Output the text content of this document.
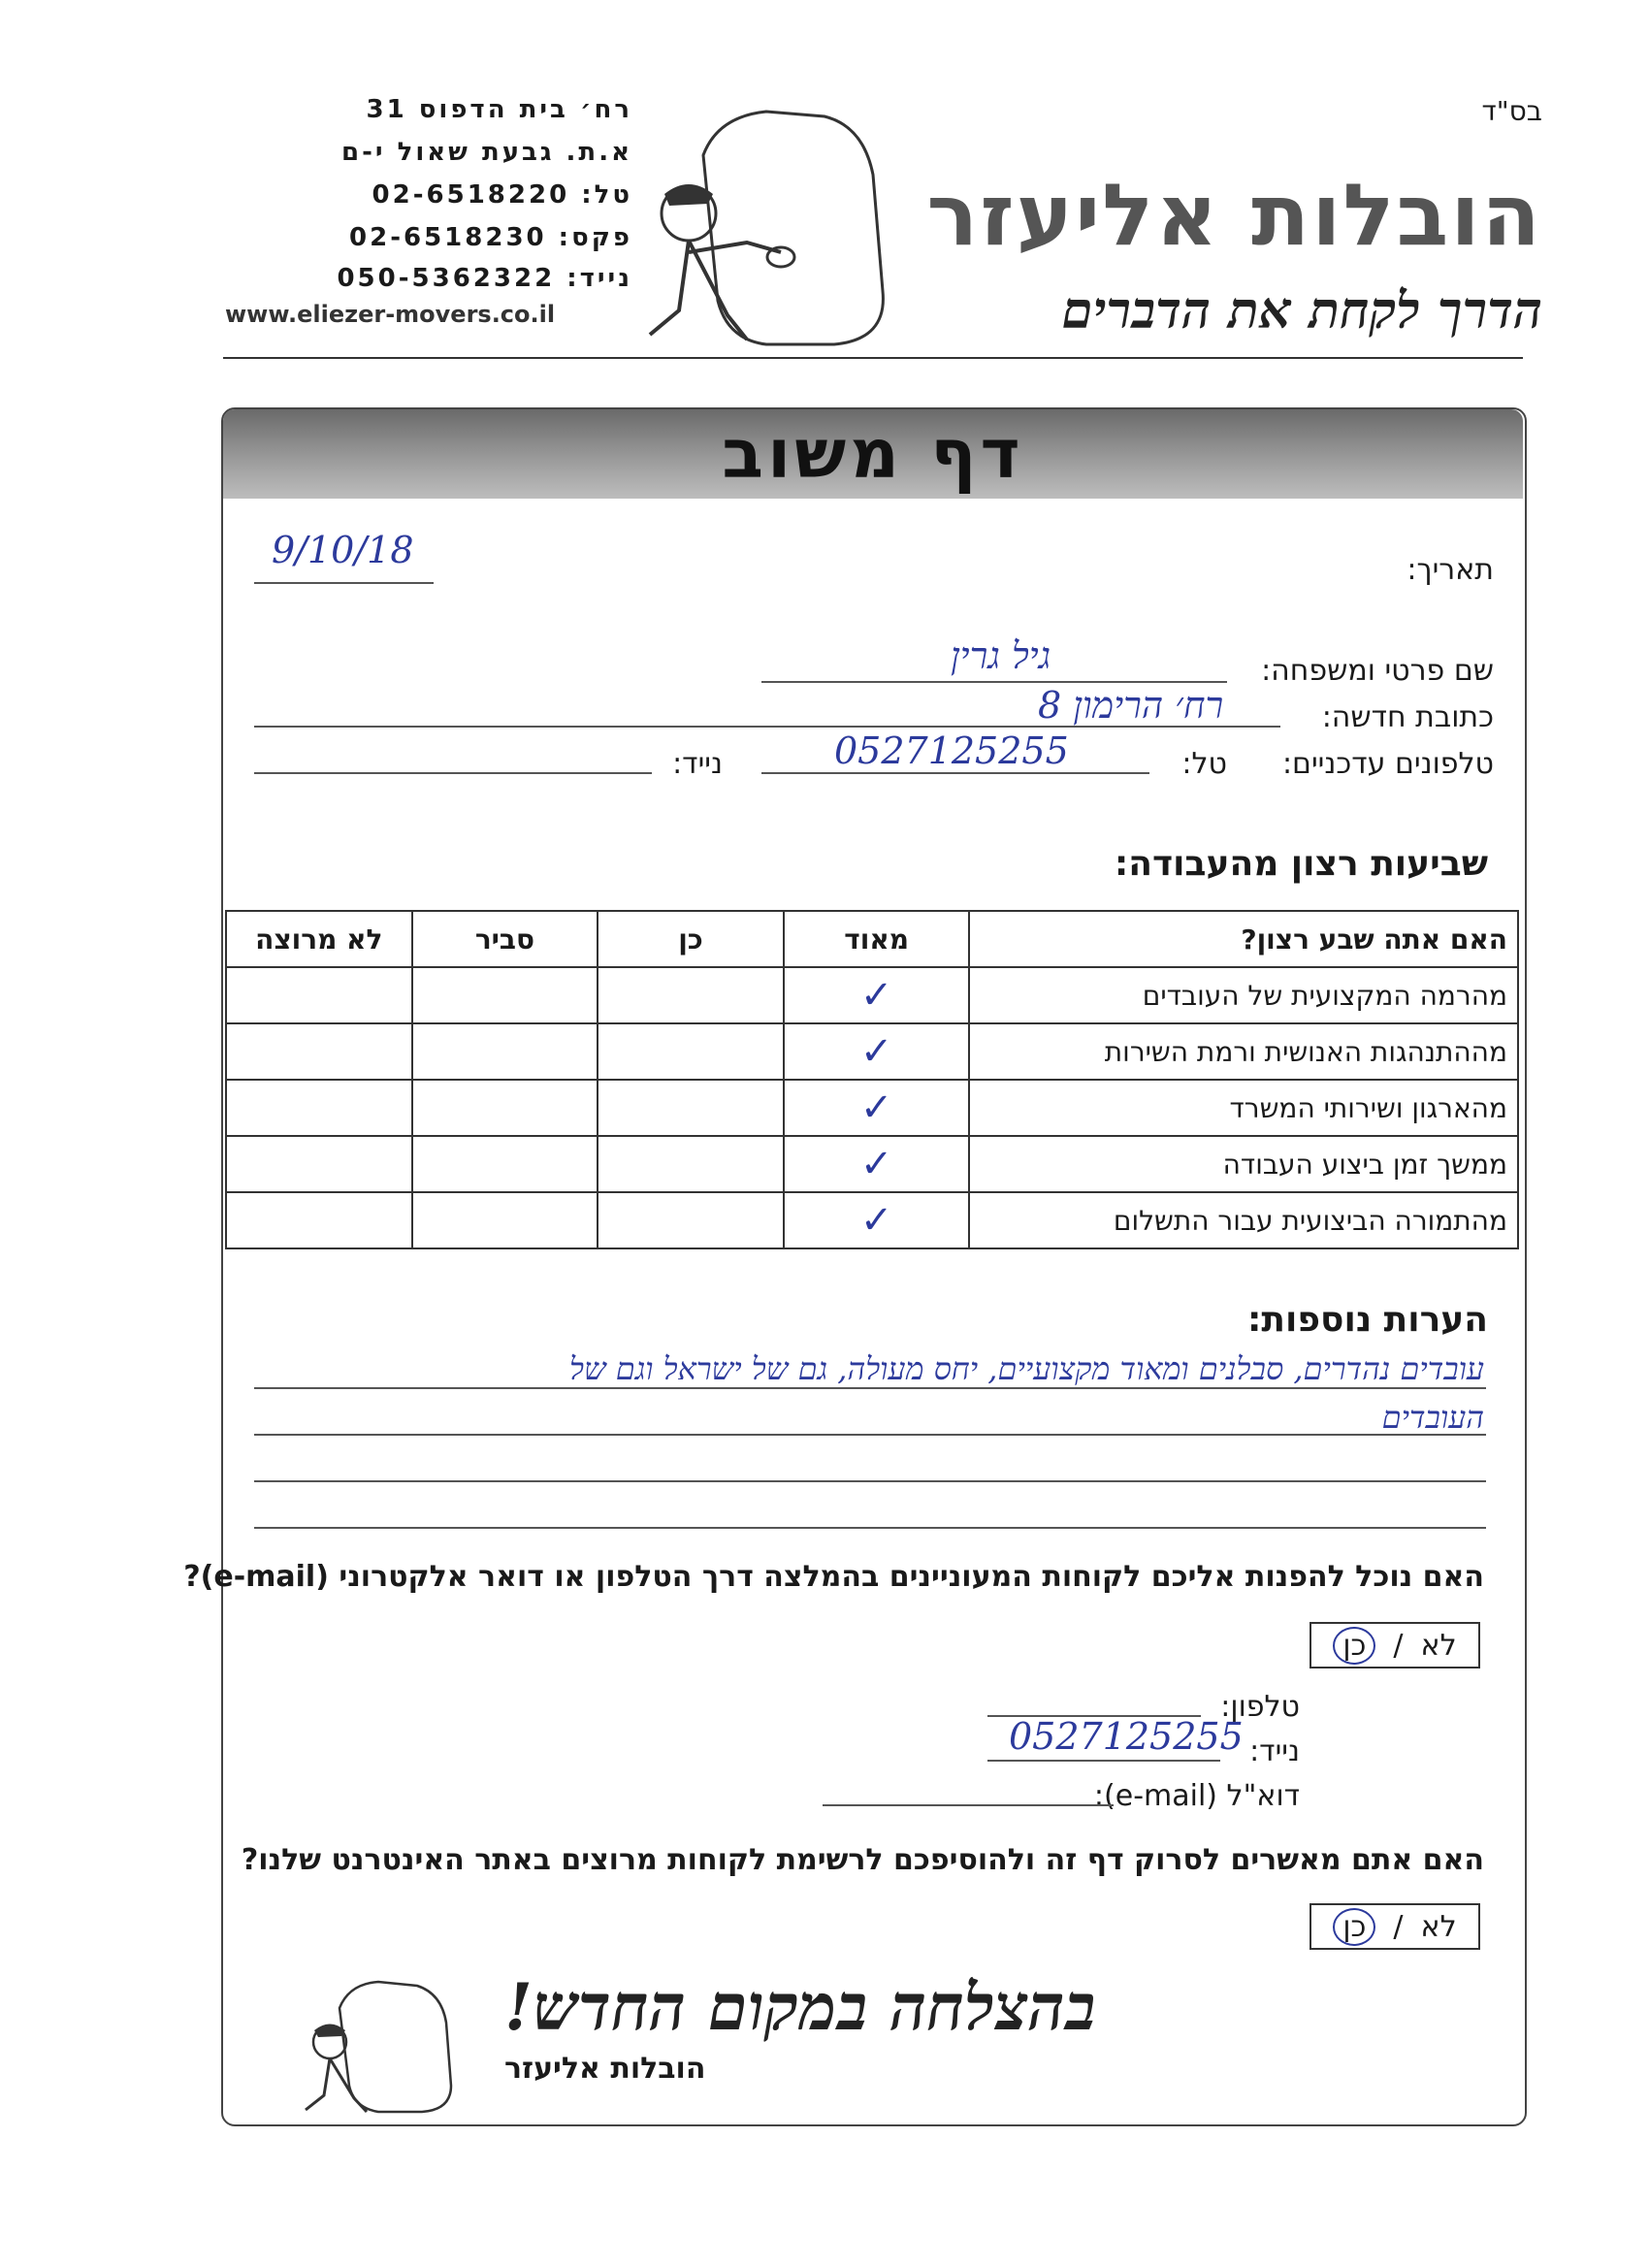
בס"ד
הובלות אליעזר
הדרך לקחת את הדברים
רח׳ בית הדפוס 31
א.ת. גבעת שאול י-ם
טל: 02-6518220
פקס: 02-6518230
נייד: 050-5362322
www.eliezer-movers.co.il
דף משוב
תאריך:
9/10/18
שם פרטי ומשפחה:
גיל גרין
כתובת חדשה:
רח׳ הרימון 8
טלפונים עדכניים:
טל:
0527125255
נייד:
שביעות רצון מהעבודה:
האם אתה שבע רצון?	מאוד	כן	סביר	לא מרוצה
מהרמה המקצועית של העובדים	✓			
מההתנהגות האנושית ורמת השירות	✓			
מהארגון ושירותי המשרד	✓			
ממשך זמן ביצוע העבודה	✓			
מהתמורה הביצועית עבור התשלום	✓			
הערות נוספות:
עובדים נהדרים, סבלנים ומאוד מקצועיים, יחס מעולה, גם של ישראל וגם של
העובדים
האם נוכל להפנות אליכם לקוחות המעוניינים בהמלצה דרך הטלפון או דואר אלקטרוני (e-mail)?
לא
/
כן
טלפון:
נייד:
0527125255
דוא"ל (e-mail):
האם אתם מאשרים לסרוק דף זה ולהוסיפכם לרשימת לקוחות מרוצים באתר האינטרנט שלנו?
לא
/
כן
בהצלחה במקום החדש!
הובלות אליעזר
